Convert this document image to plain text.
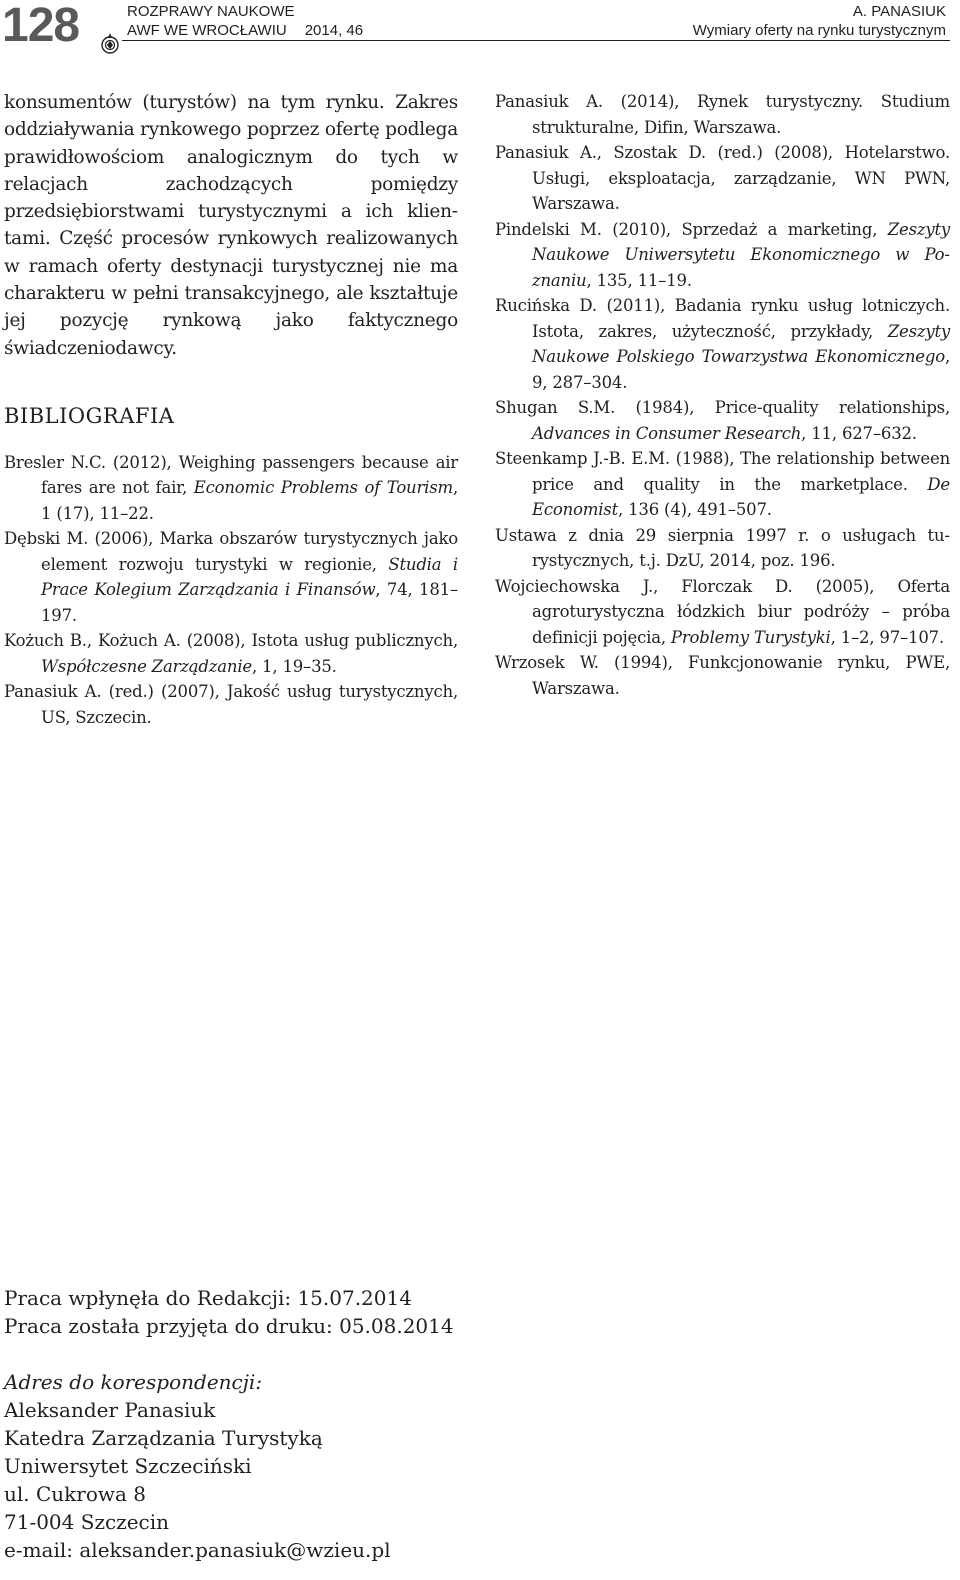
128	ROZPRAWY NAUKOWE
AWF WE WROCŁAWIU 2014, 46
A. PANASIUK
Wymiary oferty na rynku turystycznym

konsumentów (turystów) na tym rynku. Zakres oddziaływania rynkowego poprzez ofertę podlega prawidłowościom analogicznym do tych w relacjach zachodzących pomiędzy przedsiębiorstwami turystycznymi a ich klientami. Część procesów rynkowych realizowanych w ramach oferty destynacji turystycznej nie ma charakteru w pełni transakcyjnego, ale kształtuje jej pozycję rynkową jako faktycznego świadczeniodawcy.

BIBLIOGRAFIA

Bresler N.C. (2012), Weighing passengers because air fares are not fair, Economic Problems of Tourism, 1 (17), 11–22.

Dębski M. (2006), Marka obszarów turystycznych jako element rozwoju turystyki w regionie, Studia i Prace Kolegium Zarządzania i Finansów, 74, 181–197.

Kożuch B., Kożuch A. (2008), Istota usług publicznych, Współczesne Zarządzanie, 1, 19–35.

Panasiuk A. (red.) (2007), Jakość usług turystycznych, US, Szczecin.

Panasiuk A. (2014), Rynek turystyczny. Studium strukturalne, Difin, Warszawa.

Panasiuk A., Szostak D. (red.) (2008), Hotelarstwo. Usługi, eksploatacja, zarządzanie, WN PWN, Warszawa.

Pindelski M. (2010), Sprzedaż a marketing, Zeszyty Naukowe Uniwersytetu Ekonomicznego w Poznaniu, 135, 11–19.

Rucińska D. (2011), Badania rynku usług lotniczych. Istota, zakres, użyteczność, przykłady, Zeszyty Naukowe Polskiego Towarzystwa Ekonomicznego, 9, 287–304.

Shugan S.M. (1984), Price-quality relationships, Advances in Consumer Research, 11, 627–632.

Steenkamp J.-B. E.M. (1988), The relationship between price and quality in the marketplace. De Economist, 136 (4), 491–507.

Ustawa z dnia 29 sierpnia 1997 r. o usługach turystycznych, t.j. DzU, 2014, poz. 196.

Wojciechowska J., Florczak D. (2005), Oferta agroturystyczna łódzkich biur podróży – próba definicji pojęcia, Problemy Turystyki, 1–2, 97–107.

Wrzosek W. (1994), Funkcjonowanie rynku, PWE, Warszawa.

Praca wpłynęła do Redakcji: 15.07.2014

Praca została przyjęta do druku: 05.08.2014

Adres do korespondencji:

Aleksander Panasiuk

Katedra Zarządzania Turystyką

Uniwersytet Szczeciński

ul. Cukrowa 8

71-004 Szczecin

e-mail: aleksander.panasiuk@wzieu.pl
